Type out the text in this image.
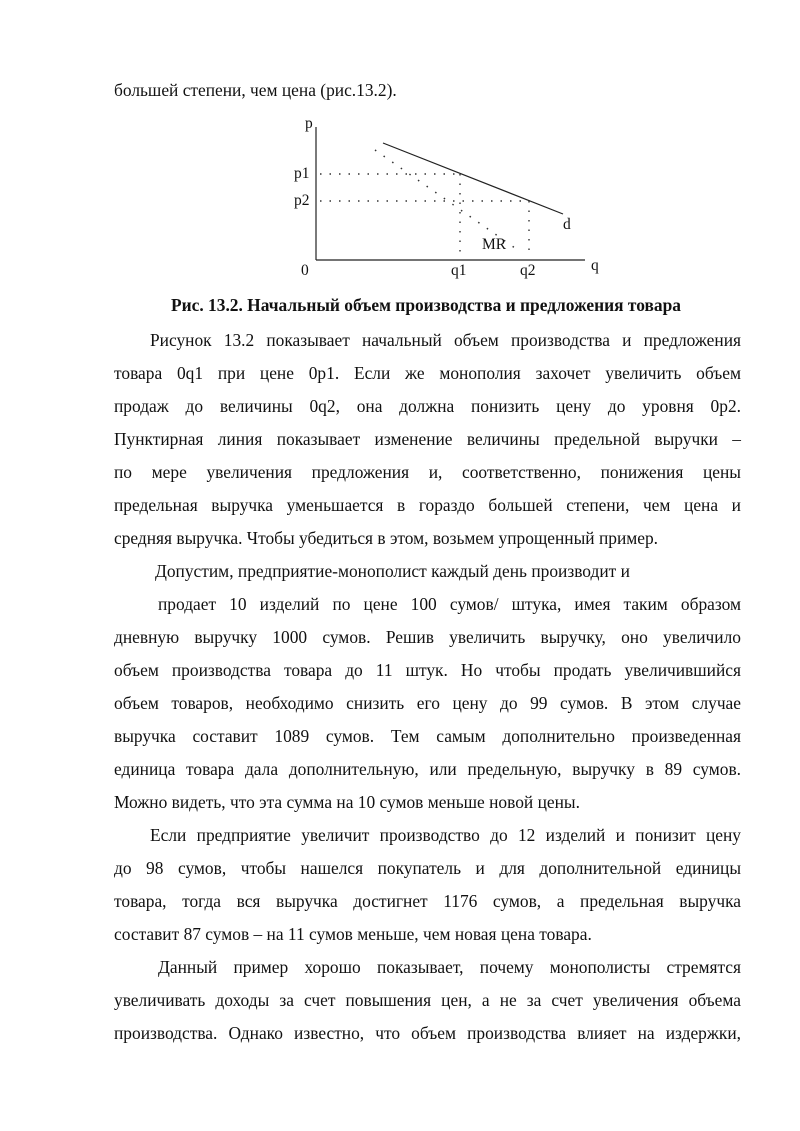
большей степени, чем цена (рис.13.2).
p
p1
p2
0	q1	q2	q
d
MR
Рис. 13.2. Начальный объем производства и предложения товара
Рисунок 13.2 показывает начальный объем производства и предложения
товара 0q1 при цене 0p1. Если же монополия захочет увеличить объем
продаж до величины 0q2, она должна понизить цену до уровня 0p2.
Пунктирная линия показывает изменение величины предельной выручки –
по мере увеличения предложения и, соответственно, понижения цены
предельная выручка уменьшается в гораздо большей степени, чем цена и
средняя выручка. Чтобы убедиться в этом, возьмем упрощенный пример.
Допустим, предприятие-монополист каждый день производит и
продает 10 изделий по цене 100 сумов/ штука, имея таким образом
дневную выручку 1000 сумов. Решив увеличить выручку, оно увеличило
объем производства товара до 11 штук. Но чтобы продать увеличившийся
объем товаров, необходимо снизить его цену до 99 сумов. В этом случае
выручка составит 1089 сумов. Тем самым дополнительно произведенная
единица товара дала дополнительную, или предельную, выручку в 89 сумов.
Можно видеть, что эта сумма на 10 сумов меньше новой цены.
Если предприятие увеличит производство до 12 изделий и понизит цену
до 98 сумов, чтобы нашелся покупатель и для дополнительной единицы
товара, тогда вся выручка достигнет 1176 сумов, а предельная выручка
составит 87 сумов – на 11 сумов меньше, чем новая цена товара.
Данный пример хорошо показывает, почему монополисты стремятся
увеличивать доходы за счет повышения цен, а не за счет увеличения объема
производства. Однако известно, что объем производства влияет на издержки,
